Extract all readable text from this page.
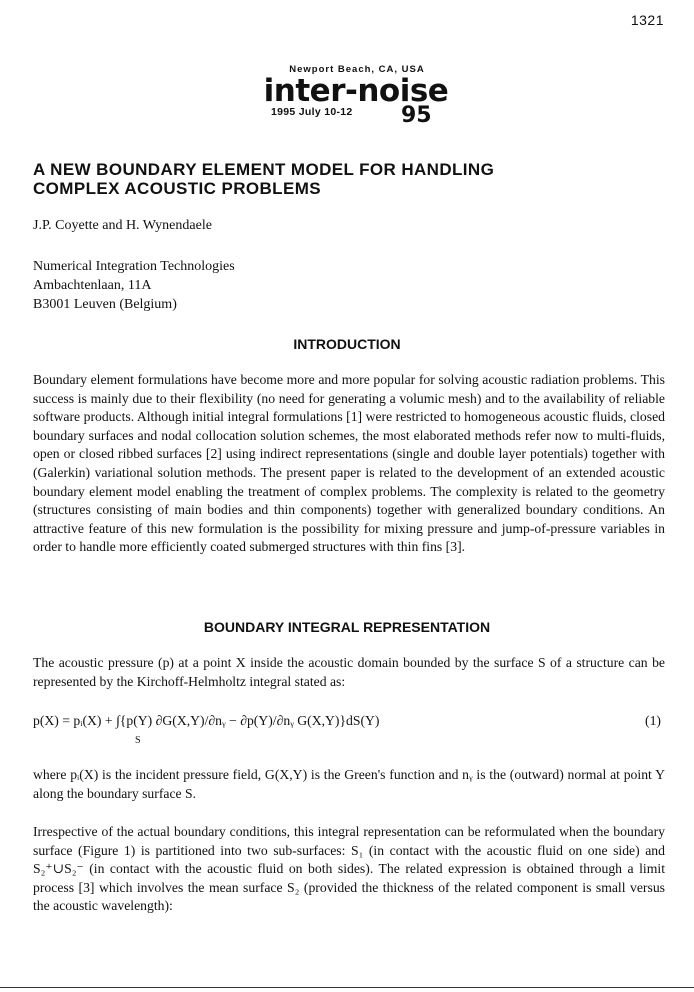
1321
Newport Beach, CA, USA
inter-noise
1995 July 10-12 95
A NEW BOUNDARY ELEMENT MODEL FOR HANDLING
COMPLEX ACOUSTIC PROBLEMS
J.P. Coyette and H. Wynendaele
Numerical Integration Technologies
Ambachtenlaan, 11A
B3001 Leuven (Belgium)
INTRODUCTION

Boundary element formulations have become more and more popular for solving acoustic radiation problems. This success is mainly due to their flexibility (no need for generating a volumic mesh) and to the availability of reliable software products. Although initial integral formulations [1] were restricted to homogeneous acoustic fluids, closed boundary surfaces and nodal collocation solution schemes, the most elaborated methods refer now to multi-fluids, open or closed ribbed surfaces [2] using indirect representations (single and double layer potentials) together with (Galerkin) variational solution methods. The present paper is related to the development of an extended acoustic boundary element model enabling the treatment of complex problems. The complexity is related to the geometry (structures consisting of main bodies and thin components) together with generalized boundary conditions. An attractive feature of this new formulation is the possibility for mixing pressure and jump-of-pressure variables in order to handle more efficiently coated submerged structures with thin fins [3].

BOUNDARY INTEGRAL REPRESENTATION

The acoustic pressure (p) at a point X inside the acoustic domain bounded by the surface S of a structure can be represented by the Kirchoff-Helmholtz integral stated as:

p(X) = pᵢ(X) + ∫{p(Y) ∂G(X,Y)/∂nᵧ − ∂p(Y)/∂nᵧ G(X,Y)}dS(Y)
S
(1)

where pᵢ(X) is the incident pressure field, G(X,Y) is the Green's function and nᵧ is the (outward) normal at point Y along the boundary surface S.

Irrespective of the actual boundary conditions, this integral representation can be reformulated when the boundary surface (Figure 1) is partitioned into two sub-surfaces: S₁ (in contact with the acoustic fluid on one side) and S₂⁺∪S₂⁻ (in contact with the acoustic fluid on both sides). The related expression is obtained through a limit process [3] which involves the mean surface S₂ (provided the thickness of the related component is small versus the acoustic wavelength):
